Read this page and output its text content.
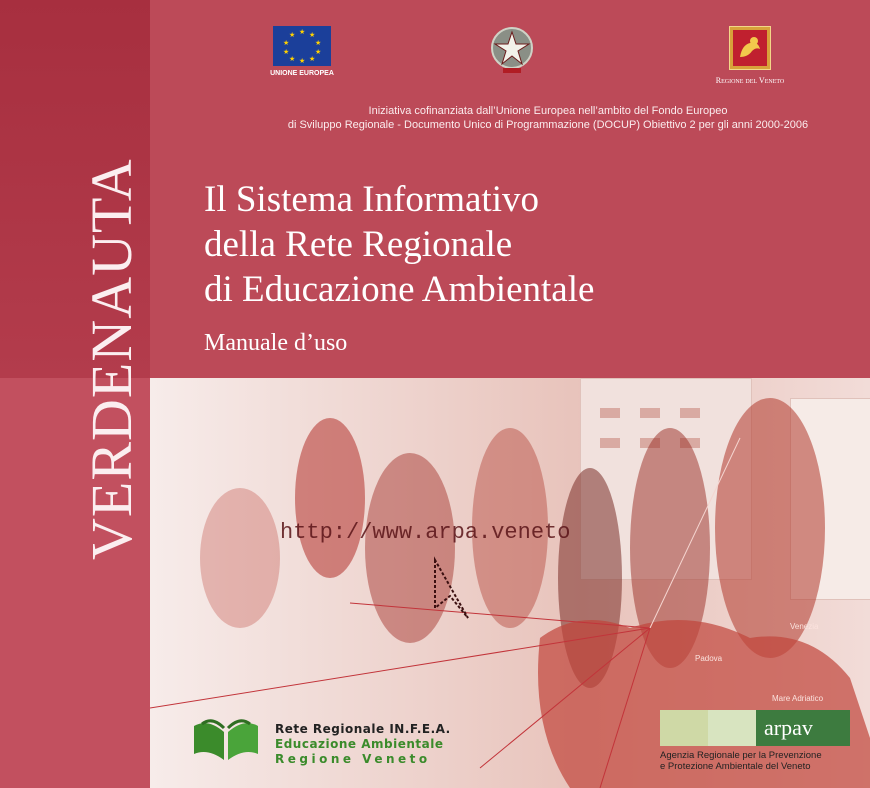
VERDENAUTA
★ ★
★
★
★
★
★
★
★
★
UNIONE EUROPEA
Regione del Veneto
Iniziativa cofinanziata dall’Unione Europea nell’ambito del Fondo Europeo
di Sviluppo Regionale - Documento Unico di Programmazione (DOCUP) Obiettivo 2 per gli anni 2000-2006
Il Sistema Informativo
della Rete Regionale
di Educazione Ambientale
Manuale d’uso
http://www.arpa.veneto
Venezia
Padova
Mare Adriatico
Rete Regionale IN.F.E.A.
Educazione Ambientale
Regione Veneto
arpav
Agenzia Regionale per la Prevenzione
e Protezione Ambientale del Veneto
